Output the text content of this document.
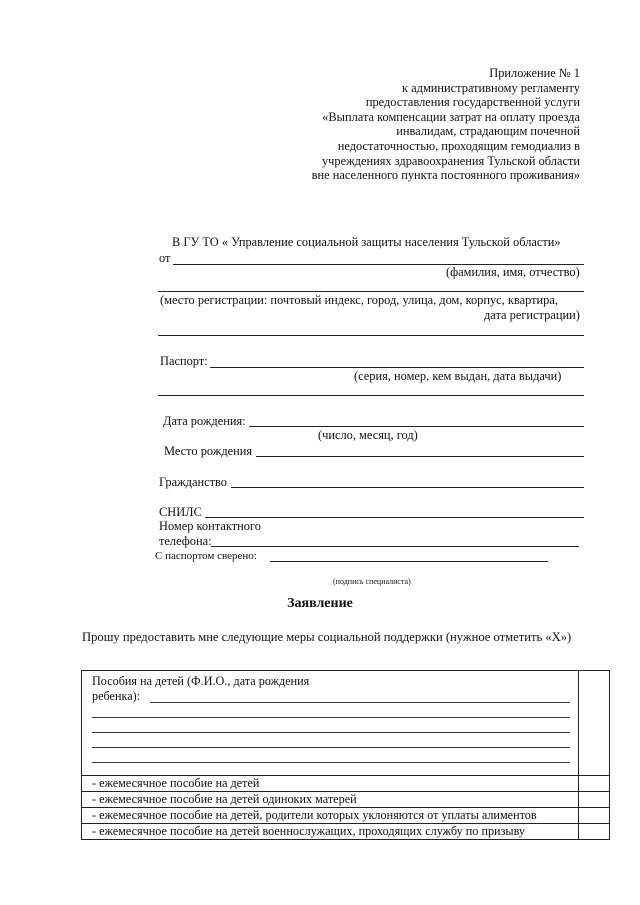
Приложение № 1
к административному регламенту
предоставления государственной услуги
«Выплата компенсации затрат на оплату проезда
инвалидам, страдающим почечной
недостаточностью, проходящим гемодиализ в
учреждениях здравоохранения Тульской области
вне населенного пункта постоянного проживания»
В ГУ ТО « Управление социальной защиты населения Тульской области»
от
(фамилия, имя, отчество)
(место регистрации: почтовый индекс, город, улица, дом, корпус, квартира,
дата регистрации)
Паспорт:
(серия, номер, кем выдан, дата выдачи)
Дата рождения:
(число, месяц, год)
Место рождения
Гражданство
СНИЛС
Номер контактного
телефона:
С паспортом сверено:
(подпись специалиста)
Заявление
Прошу предоставить мне следующие меры социальной поддержки (нужное отметить «Х»)
Пособия на детей (Ф.И.О., дата рождения
ребенка):	

- ежемесячное пособие на детей	
- ежемесячное пособие на детей одиноких матерей	
- ежемесячное пособие на детей, родители которых уклоняются от уплаты алиментов	
- ежемесячное пособие на детей военнослужащих, проходящих службу по призыву	
